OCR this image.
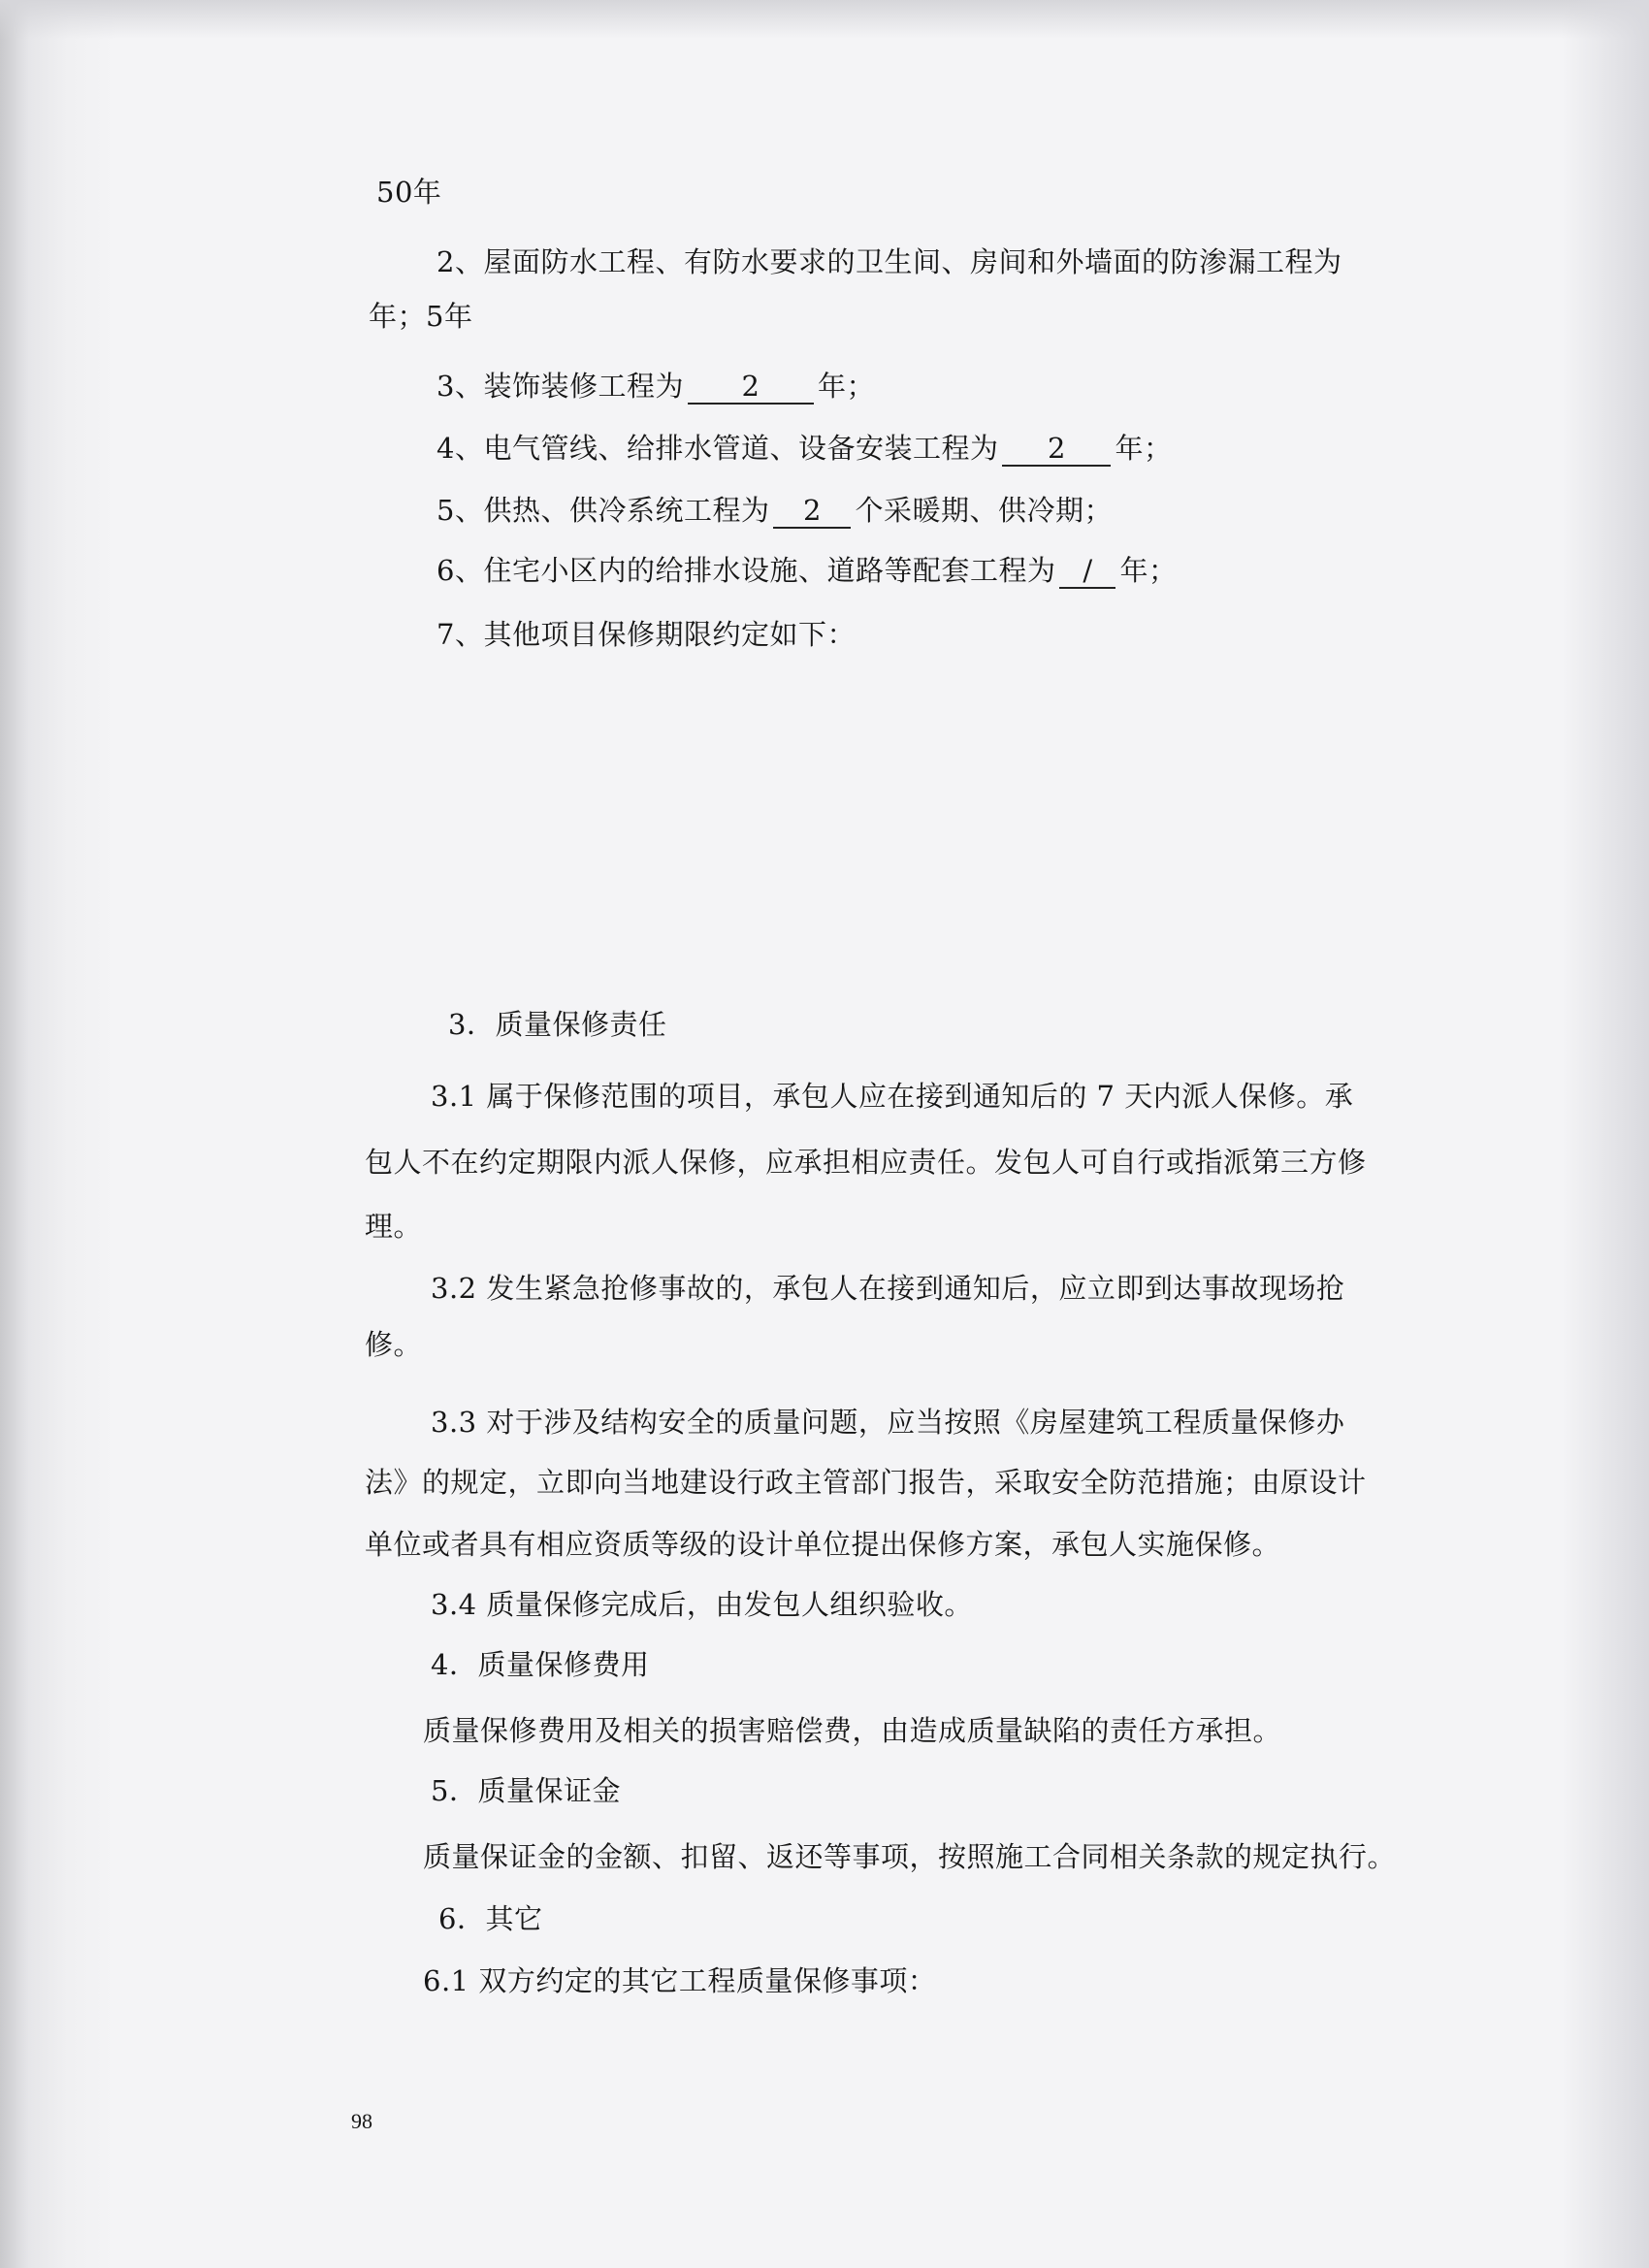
50年
2、屋面防水工程、有防水要求的卫生间、房间和外墙面的防渗漏工程为
年；5年
3、装饰装修工程为 2 年；
4、电气管线、给排水管道、设备安装工程为 2 年；
5、供热、供冷系统工程为 2 个采暖期、供冷期；
6、住宅小区内的给排水设施、道路等配套工程为 / 年；
7、其他项目保修期限约定如下：
3．质量保修责任
3.1 属于保修范围的项目，承包人应在接到通知后的 7 天内派人保修。承
包人不在约定期限内派人保修，应承担相应责任。发包人可自行或指派第三方修
理。
3.2 发生紧急抢修事故的，承包人在接到通知后，应立即到达事故现场抢
修。
3.3 对于涉及结构安全的质量问题，应当按照《房屋建筑工程质量保修办
法》的规定，立即向当地建设行政主管部门报告，采取安全防范措施；由原设计
单位或者具有相应资质等级的设计单位提出保修方案，承包人实施保修。
3.4 质量保修完成后，由发包人组织验收。
4．质量保修费用
质量保修费用及相关的损害赔偿费，由造成质量缺陷的责任方承担。
5．质量保证金
质量保证金的金额、扣留、返还等事项，按照施工合同相关条款的规定执行。
6．其它
6.1 双方约定的其它工程质量保修事项：
98
